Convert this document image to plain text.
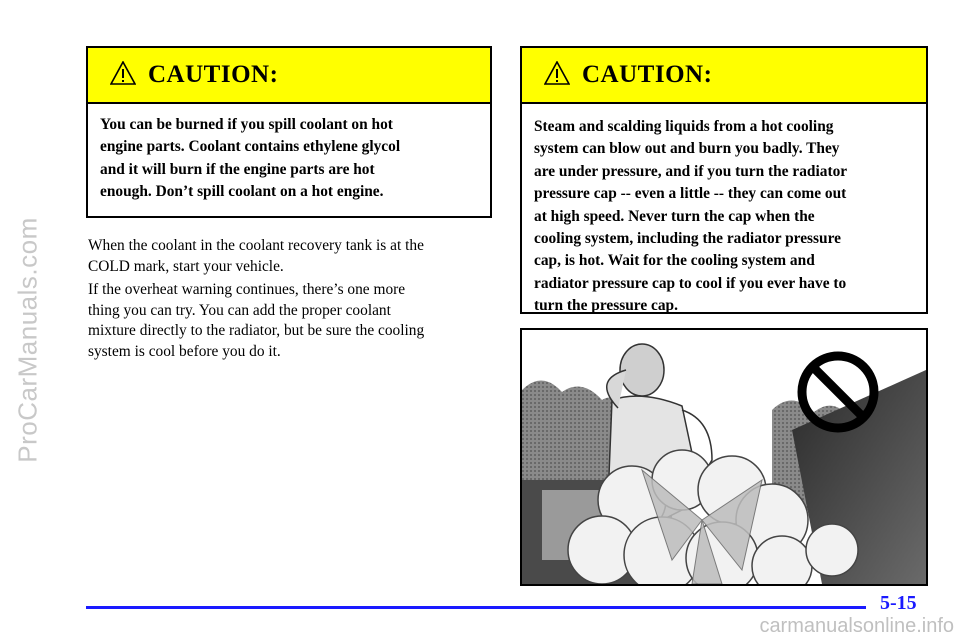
ProCarManuals.com
CAUTION:
You can be burned if you spill coolant on hot
engine parts. Coolant contains ethylene glycol
and it will burn if the engine parts are hot
enough. Don’t spill coolant on a hot engine.
CAUTION:
Steam and scalding liquids from a hot cooling
system can blow out and burn you badly. They
are under pressure, and if you turn the radiator
pressure cap -- even a little -- they can come out
at high speed. Never turn the cap when the
cooling system, including the radiator pressure
cap, is hot. Wait for the cooling system and
radiator pressure cap to cool if you ever have to
turn the pressure cap.
When the coolant in the coolant recovery tank is at the
COLD mark, start your vehicle.
If the overheat warning continues, there’s one more
thing you can try. You can add the proper coolant
mixture directly to the radiator, but be sure the cooling
system is cool before you do it.
5-15
carmanualsonline.info
